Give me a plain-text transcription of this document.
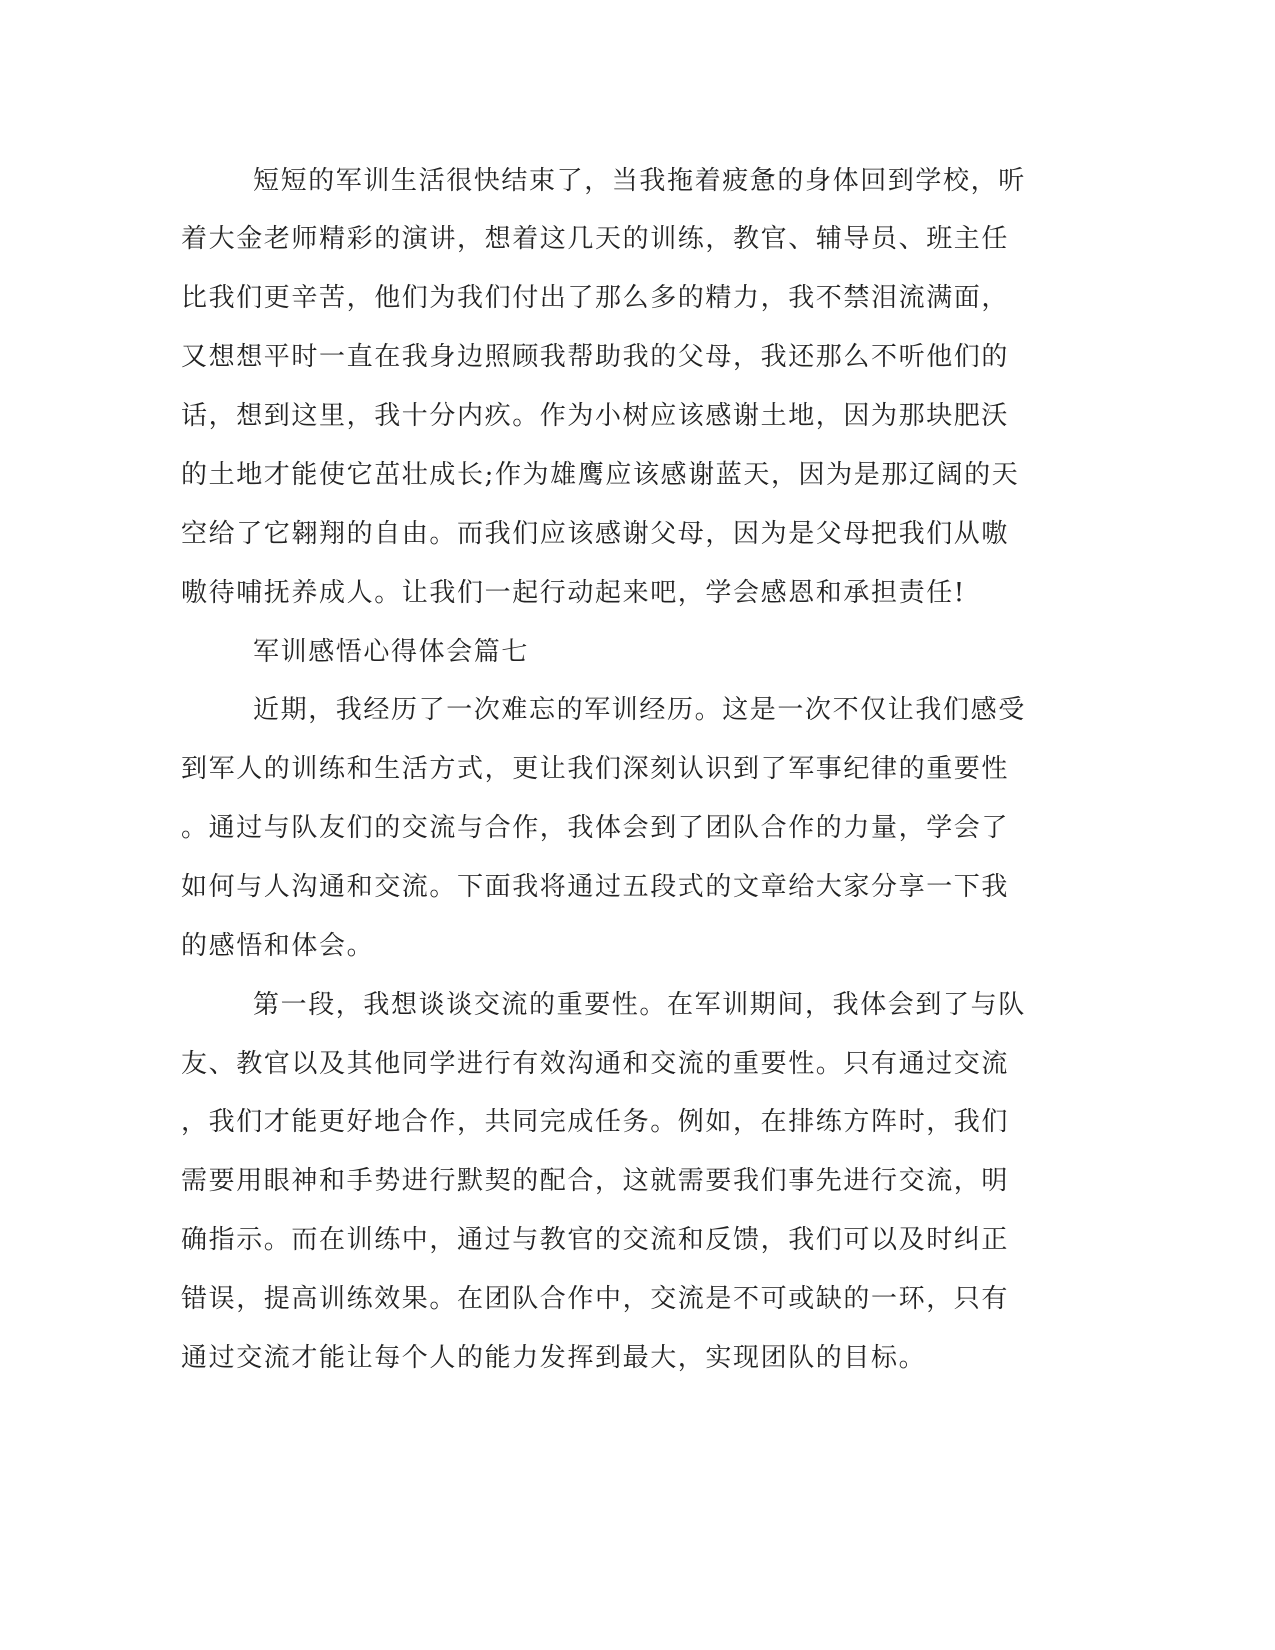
短短的军训生活很快结束了，当我拖着疲惫的身体回到学校，听
着大金老师精彩的演讲，想着这几天的训练，教官、辅导员、班主任
比我们更辛苦，他们为我们付出了那么多的精力，我不禁泪流满面，
又想想平时一直在我身边照顾我帮助我的父母，我还那么不听他们的
话，想到这里，我十分内疚。作为小树应该感谢土地，因为那块肥沃
的土地才能使它茁壮成长;作为雄鹰应该感谢蓝天，因为是那辽阔的天
空给了它翱翔的自由。而我们应该感谢父母，因为是父母把我们从嗷
嗷待哺抚养成人。让我们一起行动起来吧，学会感恩和承担责任!
军训感悟心得体会篇七
近期，我经历了一次难忘的军训经历。这是一次不仅让我们感受
到军人的训练和生活方式，更让我们深刻认识到了军事纪律的重要性
。通过与队友们的交流与合作，我体会到了团队合作的力量，学会了
如何与人沟通和交流。下面我将通过五段式的文章给大家分享一下我
的感悟和体会。
第一段，我想谈谈交流的重要性。在军训期间，我体会到了与队
友、教官以及其他同学进行有效沟通和交流的重要性。只有通过交流
，我们才能更好地合作，共同完成任务。例如，在排练方阵时，我们
需要用眼神和手势进行默契的配合，这就需要我们事先进行交流，明
确指示。而在训练中，通过与教官的交流和反馈，我们可以及时纠正
错误，提高训练效果。在团队合作中，交流是不可或缺的一环，只有
通过交流才能让每个人的能力发挥到最大，实现团队的目标。
